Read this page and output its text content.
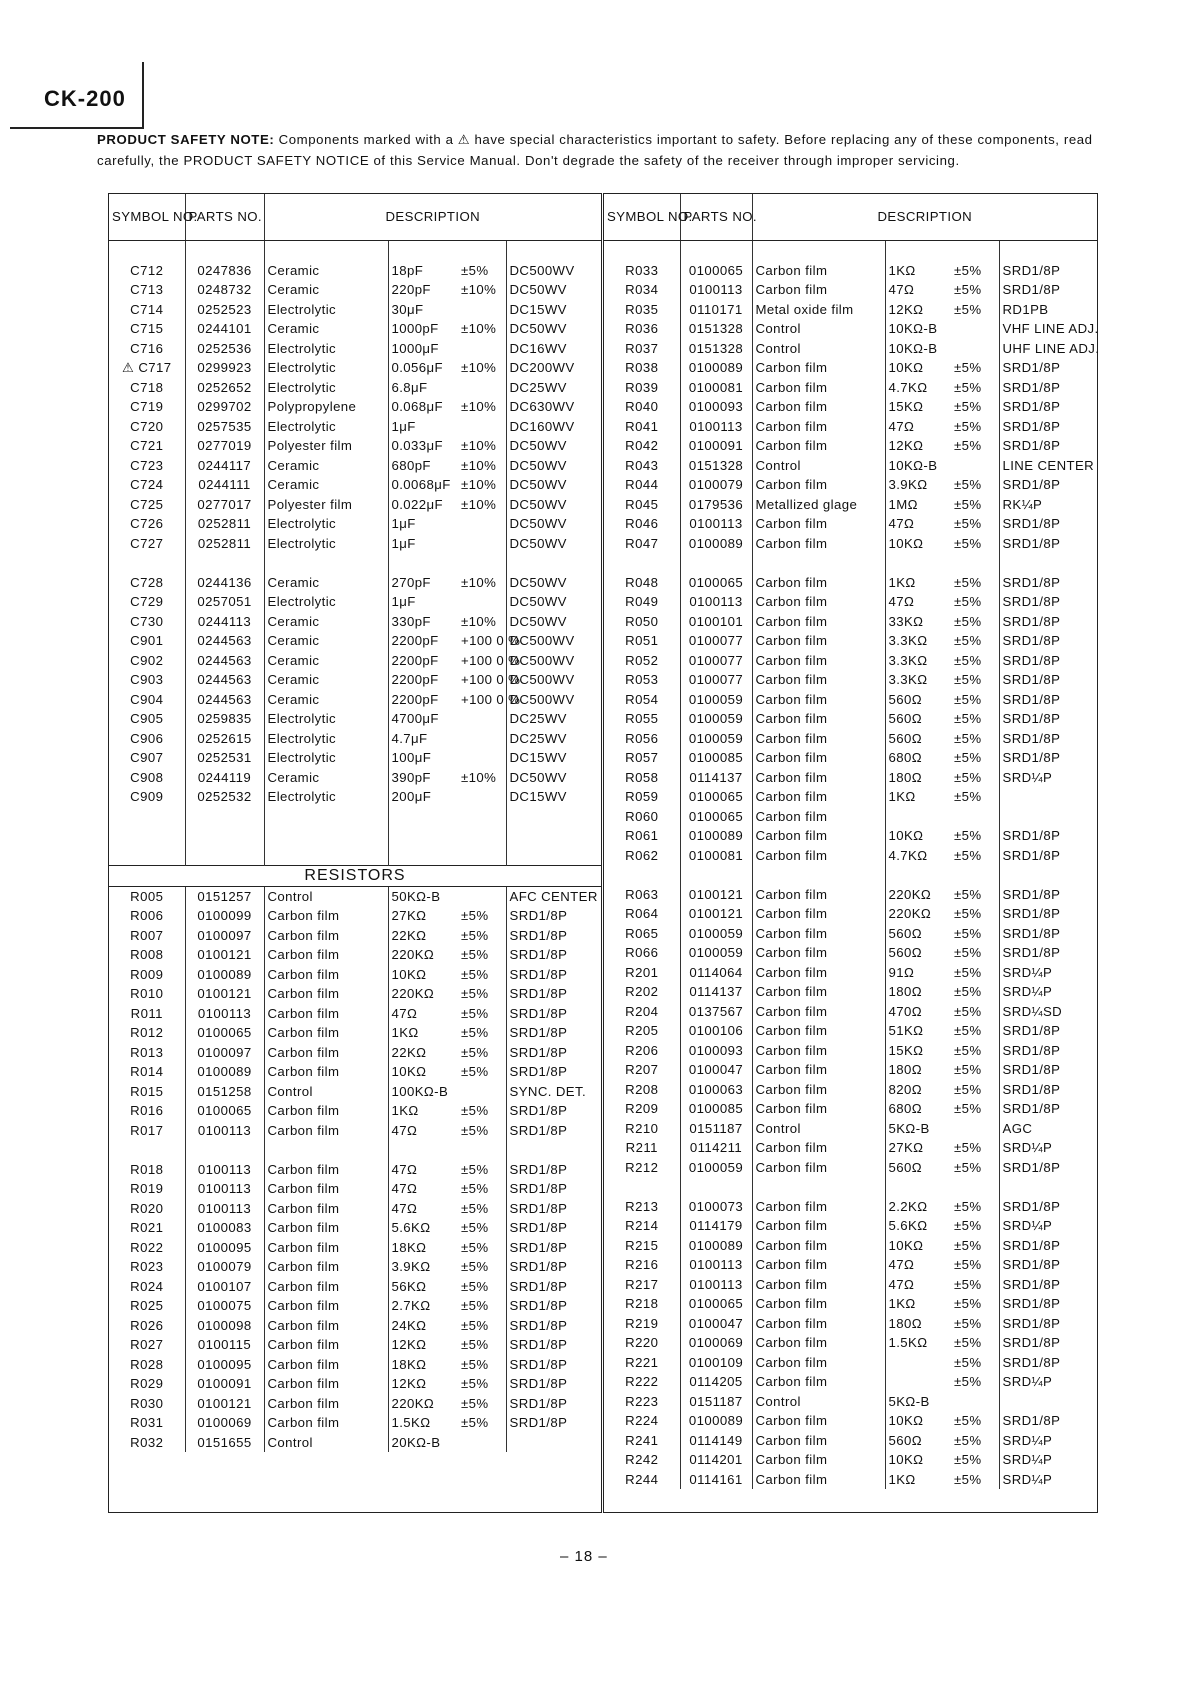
CK-200
PRODUCT SAFETY NOTE: Components marked with a ⚠ have special characteristics important to safety. Before replacing any of these components, read carefully, the PRODUCT SAFETY NOTICE of this Service Manual. Don't degrade the safety of the receiver through improper servicing.
SYMBOL NO.	PARTS NO.	DESCRIPTION			

C712	0247836	Ceramic	18pF	±5%	DC500WV
C713	0248732	Ceramic	220pF	±10%	DC50WV
C714	0252523	Electrolytic	30μF		DC15WV
C715	0244101	Ceramic	1000pF	±10%	DC50WV
C716	0252536	Electrolytic	1000μF		DC16WV
⚠ C717	0299923	Electrolytic	0.056μF	±10%	DC200WV
C718	0252652	Electrolytic	6.8μF		DC25WV
C719	0299702	Polypropylene	0.068μF	±10%	DC630WV
C720	0257535	Electrolytic	1μF		DC160WV
C721	0277019	Polyester film	0.033μF	±10%	DC50WV
C723	0244117	Ceramic	680pF	±10%	DC50WV
C724	0244111	Ceramic	0.0068μF	±10%	DC50WV
C725	0277017	Polyester film	0.022μF	±10%	DC50WV
C726	0252811	Electrolytic	1μF		DC50WV
C727	0252811	Electrolytic	1μF		DC50WV

C728	0244136	Ceramic	270pF	±10%	DC50WV
C729	0257051	Electrolytic	1μF		DC50WV
C730	0244113	Ceramic	330pF	±10%	DC50WV
C901	0244563	Ceramic	2200pF	+100 0 %	DC500WV
C902	0244563	Ceramic	2200pF	+100 0 %	DC500WV
C903	0244563	Ceramic	2200pF	+100 0 %	DC500WV
C904	0244563	Ceramic	2200pF	+100 0 %	DC500WV
C905	0259835	Electrolytic	4700μF		DC25WV
C906	0252615	Electrolytic	4.7μF		DC25WV
C907	0252531	Electrolytic	100μF		DC15WV
C908	0244119	Ceramic	390pF	±10%	DC50WV
C909	0252532	Electrolytic	200μF		DC15WV

RESISTORS					
R005	0151257	Control	50KΩ-B		AFC CENTER
R006	0100099	Carbon film	27KΩ	±5%	SRD1/8P
R007	0100097	Carbon film	22KΩ	±5%	SRD1/8P
R008	0100121	Carbon film	220KΩ	±5%	SRD1/8P
R009	0100089	Carbon film	10KΩ	±5%	SRD1/8P
R010	0100121	Carbon film	220KΩ	±5%	SRD1/8P
R011	0100113	Carbon film	47Ω	±5%	SRD1/8P
R012	0100065	Carbon film	1KΩ	±5%	SRD1/8P
R013	0100097	Carbon film	22KΩ	±5%	SRD1/8P
R014	0100089	Carbon film	10KΩ	±5%	SRD1/8P
R015	0151258	Control	100KΩ-B		SYNC. DET.
R016	0100065	Carbon film	1KΩ	±5%	SRD1/8P
R017	0100113	Carbon film	47Ω	±5%	SRD1/8P

R018	0100113	Carbon film	47Ω	±5%	SRD1/8P
R019	0100113	Carbon film	47Ω	±5%	SRD1/8P
R020	0100113	Carbon film	47Ω	±5%	SRD1/8P
R021	0100083	Carbon film	5.6KΩ	±5%	SRD1/8P
R022	0100095	Carbon film	18KΩ	±5%	SRD1/8P
R023	0100079	Carbon film	3.9KΩ	±5%	SRD1/8P
R024	0100107	Carbon film	56KΩ	±5%	SRD1/8P
R025	0100075	Carbon film	2.7KΩ	±5%	SRD1/8P
R026	0100098	Carbon film	24KΩ	±5%	SRD1/8P
R027	0100115	Carbon film	12KΩ	±5%	SRD1/8P
R028	0100095	Carbon film	18KΩ	±5%	SRD1/8P
R029	0100091	Carbon film	12KΩ	±5%	SRD1/8P
R030	0100121	Carbon film	220KΩ	±5%	SRD1/8P
R031	0100069	Carbon film	1.5KΩ	±5%	SRD1/8P
R032	0151655	Control	20KΩ-B		
SYMBOL NO.	PARTS NO.	DESCRIPTION			

R033	0100065	Carbon film	1KΩ	±5%	SRD1/8P
R034	0100113	Carbon film	47Ω	±5%	SRD1/8P
R035	0110171	Metal oxide film	12KΩ	±5%	RD1PB
R036	0151328	Control	10KΩ-B		VHF LINE ADJ.
R037	0151328	Control	10KΩ-B		UHF LINE ADJ.
R038	0100089	Carbon film	10KΩ	±5%	SRD1/8P
R039	0100081	Carbon film	4.7KΩ	±5%	SRD1/8P
R040	0100093	Carbon film	15KΩ	±5%	SRD1/8P
R041	0100113	Carbon film	47Ω	±5%	SRD1/8P
R042	0100091	Carbon film	12KΩ	±5%	SRD1/8P
R043	0151328	Control	10KΩ-B		LINE CENTER
R044	0100079	Carbon film	3.9KΩ	±5%	SRD1/8P
R045	0179536	Metallized glage	1MΩ	±5%	RK¼P
R046	0100113	Carbon film	47Ω	±5%	SRD1/8P
R047	0100089	Carbon film	10KΩ	±5%	SRD1/8P

R048	0100065	Carbon film	1KΩ	±5%	SRD1/8P
R049	0100113	Carbon film	47Ω	±5%	SRD1/8P
R050	0100101	Carbon film	33KΩ	±5%	SRD1/8P
R051	0100077	Carbon film	3.3KΩ	±5%	SRD1/8P
R052	0100077	Carbon film	3.3KΩ	±5%	SRD1/8P
R053	0100077	Carbon film	3.3KΩ	±5%	SRD1/8P
R054	0100059	Carbon film	560Ω	±5%	SRD1/8P
R055	0100059	Carbon film	560Ω	±5%	SRD1/8P
R056	0100059	Carbon film	560Ω	±5%	SRD1/8P
R057	0100085	Carbon film	680Ω	±5%	SRD1/8P
R058	0114137	Carbon film	180Ω	±5%	SRD¼P
R059	0100065	Carbon film	1KΩ	±5%	
R060	0100065	Carbon film			
R061	0100089	Carbon film	10KΩ	±5%	SRD1/8P
R062	0100081	Carbon film	4.7KΩ	±5%	SRD1/8P

R063	0100121	Carbon film	220KΩ	±5%	SRD1/8P
R064	0100121	Carbon film	220KΩ	±5%	SRD1/8P
R065	0100059	Carbon film	560Ω	±5%	SRD1/8P
R066	0100059	Carbon film	560Ω	±5%	SRD1/8P
R201	0114064	Carbon film	91Ω	±5%	SRD¼P
R202	0114137	Carbon film	180Ω	±5%	SRD¼P
R204	0137567	Carbon film	470Ω	±5%	SRD¼SD
R205	0100106	Carbon film	51KΩ	±5%	SRD1/8P
R206	0100093	Carbon film	15KΩ	±5%	SRD1/8P
R207	0100047	Carbon film	180Ω	±5%	SRD1/8P
R208	0100063	Carbon film	820Ω	±5%	SRD1/8P
R209	0100085	Carbon film	680Ω	±5%	SRD1/8P
R210	0151187	Control	5KΩ-B		AGC
R211	0114211	Carbon film	27KΩ	±5%	SRD¼P
R212	0100059	Carbon film	560Ω	±5%	SRD1/8P

R213	0100073	Carbon film	2.2KΩ	±5%	SRD1/8P
R214	0114179	Carbon film	5.6KΩ	±5%	SRD¼P
R215	0100089	Carbon film	10KΩ	±5%	SRD1/8P
R216	0100113	Carbon film	47Ω	±5%	SRD1/8P
R217	0100113	Carbon film	47Ω	±5%	SRD1/8P
R218	0100065	Carbon film	1KΩ	±5%	SRD1/8P
R219	0100047	Carbon film	180Ω	±5%	SRD1/8P
R220	0100069	Carbon film	1.5KΩ	±5%	SRD1/8P
R221	0100109	Carbon film		±5%	SRD1/8P
R222	0114205	Carbon film		±5%	SRD¼P
R223	0151187	Control	5KΩ-B		
R224	0100089	Carbon film	10KΩ	±5%	SRD1/8P
R241	0114149	Carbon film	560Ω	±5%	SRD¼P
R242	0114201	Carbon film	10KΩ	±5%	SRD¼P
R244	0114161	Carbon film	1KΩ	±5%	SRD¼P
– 18 –
